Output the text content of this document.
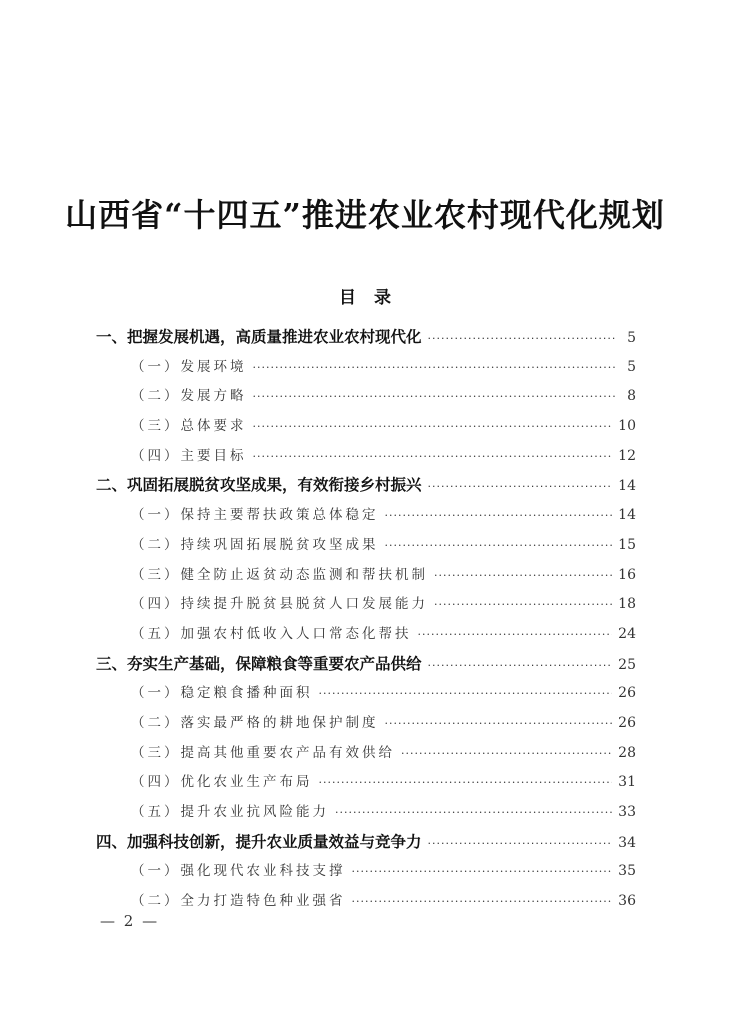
山西省“十四五”推进农业农村现代化规划
目录
一、把握发展机遇，高质量推进农业农村现代化 ·····	5
（一）发展环境 ·····	5
（二）发展方略 ·····	8
（三）总体要求 ·····	10
（四）主要目标 ·····	12
二、巩固拓展脱贫攻坚成果，有效衔接乡村振兴 ·····	14
（一）保持主要帮扶政策总体稳定 ·····	14
（二）持续巩固拓展脱贫攻坚成果 ·····	15
（三）健全防止返贫动态监测和帮扶机制 ·····	16
（四）持续提升脱贫县脱贫人口发展能力 ·····	18
（五）加强农村低收入人口常态化帮扶 ·····	24
三、夯实生产基础，保障粮食等重要农产品供给 ·····	25
（一）稳定粮食播种面积 ·····	26
（二）落实最严格的耕地保护制度 ·····	26
（三）提高其他重要农产品有效供给 ·····	28
（四）优化农业生产布局 ·····	31
（五）提升农业抗风险能力 ·····	33
四、加强科技创新，提升农业质量效益与竞争力 ·····	34
（一）强化现代农业科技支撑 ·····	35
（二）全力打造特色种业强省 ·····	36
— 2 —
